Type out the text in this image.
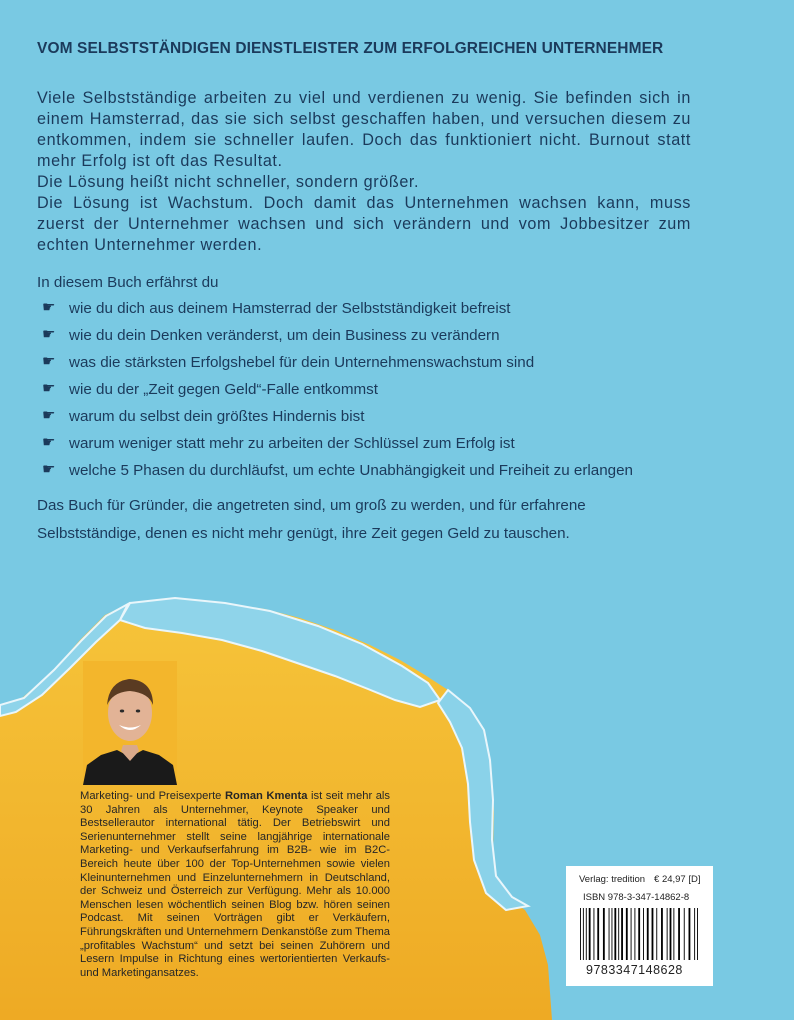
VOM SELBSTSTÄNDIGEN DIENSTLEISTER ZUM ERFOLGREICHEN UNTERNEHMER

Viele Selbstständige arbeiten zu viel und verdienen zu wenig. Sie befinden sich in einem Hamsterrad, das sie sich selbst geschaffen haben, und versuchen diesem zu entkommen, indem sie schneller laufen. Doch das funktioniert nicht. Burnout statt mehr Erfolg ist oft das Resultat.

Die Lösung heißt nicht schneller, sondern größer.

Die Lösung ist Wachstum. Doch damit das Unternehmen wachsen kann, muss zuerst der Unternehmer wachsen und sich verändern und vom Jobbesitzer zum echten Unternehmer werden.

In diesem Buch erfährst du
☛ wie du dich aus deinem Hamsterrad der Selbstständigkeit befreist
☛ wie du dein Denken veränderst, um dein Business zu verändern
☛ was die stärksten Erfolgshebel für dein Unternehmenswachstum sind
☛ wie du der „Zeit gegen Geld“-Falle entkommst
☛ warum du selbst dein größtes Hindernis bist
☛ warum weniger statt mehr zu arbeiten der Schlüssel zum Erfolg ist
☛ welche 5 Phasen du durchläufst, um echte Unabhängigkeit und Freiheit zu erlangen
Das Buch für Gründer, die angetreten sind, um groß zu werden, und für erfahrene Selbstständige, denen es nicht mehr genügt, ihre Zeit gegen Geld zu tauschen.
Marketing- und Preisexperte Roman Kmenta ist seit mehr als 30 Jahren als Unternehmer, Keynote Speaker und Bestsellerautor international tätig. Der Betriebswirt und Serienunternehmer stellt seine langjährige internationale Marketing- und Verkaufserfahrung im B2B- wie im B2C-Bereich heute über 100 der Top-Unternehmen sowie vielen Kleinunternehmen und Einzelunternehmern in Deutschland, der Schweiz und Österreich zur Verfügung. Mehr als 10.000 Menschen lesen wöchentlich seinen Blog bzw. hören seinen Podcast. Mit seinen Vorträgen gibt er Verkäufern, Führungskräften und Unternehmern Denkanstöße zum Thema „profitables Wachstum“ und setzt bei seinen Zuhörern und Lesern Impulse in Richtung eines wertorientierten Verkaufs- und Marketingansatzes.
Verlag: tredition € 24,97 [D]
ISBN 978-3-347-14862-8
9783347148628
